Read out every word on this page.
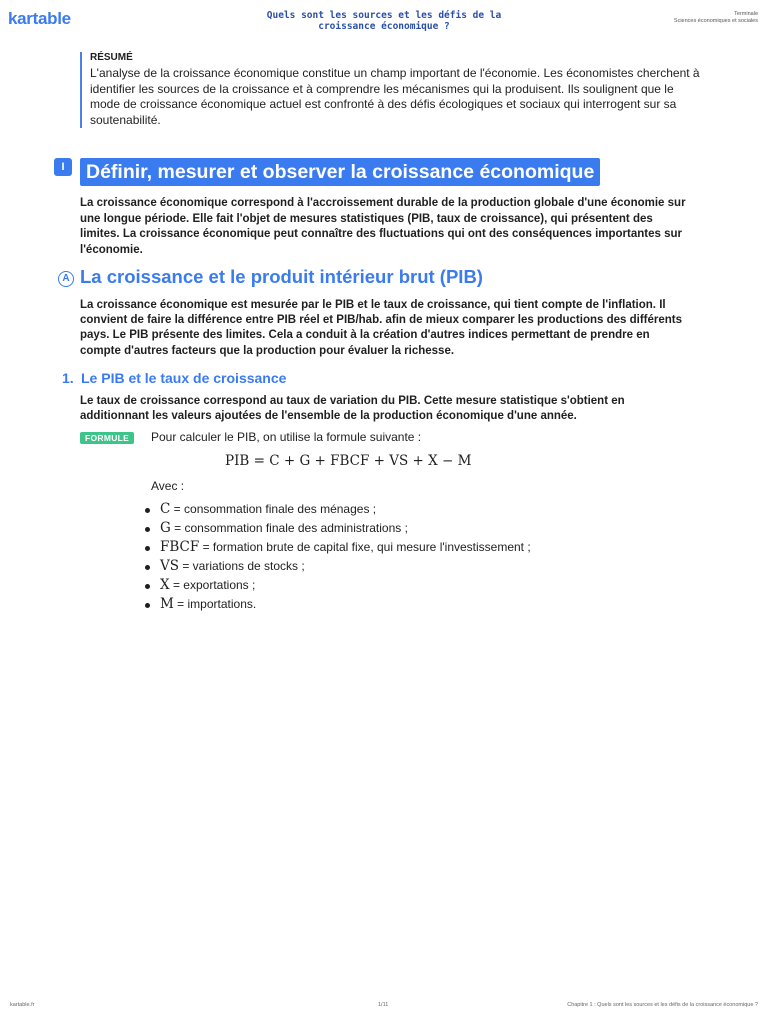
kartable	Quels sont les sources et les défis de la croissance économique ?
Terminale
Sciences économiques et sociales

RÉSUMÉ

L'analyse de la croissance économique constitue un champ important de l'économie. Les économistes cherchent à identifier les sources de la croissance et à comprendre les mécanismes qui la produisent. Ils soulignent que le mode de croissance économique actuel est confronté à des défis écologiques et sociaux qui interrogent sur sa soutenabilité.

I	Définir, mesurer et observer la croissance économique

La croissance économique correspond à l'accroissement durable de la production globale d'une économie sur une longue période. Elle fait l'objet de mesures statistiques (PIB, taux de croissance), qui présentent des limites. La croissance économique peut connaître des fluctuations qui ont des conséquences importantes sur l'économie.

A La croissance et le produit intérieur brut (PIB)

La croissance économique est mesurée par le PIB et le taux de croissance, qui tient compte de l'inflation. Il convient de faire la différence entre PIB réel et PIB/hab. afin de mieux comparer les productions des différents pays. Le PIB présente des limites. Cela a conduit à la création d'autres indices permettant de prendre en compte d'autres facteurs que la production pour évaluer la richesse.

1. Le PIB et le taux de croissance

Le taux de croissance correspond au taux de variation du PIB. Cette mesure statistique s'obtient en additionnant les valeurs ajoutées de l'ensemble de la production économique d'une année.

FORMULE	Pour calculer le PIB, on utilise la formule suivante :
PIB = C + G + FBCF + VS + X − M
Avec :
C = consommation finale des ménages ;
G = consommation finale des administrations ;
FBCF = formation brute de capital fixe, qui mesure l'investissement ;
VS = variations de stocks ;
X = exportations ;
M = importations.
kartable.fr	1/11	Chapitre 1 : Quels sont les sources et les défis de la croissance économique ?
